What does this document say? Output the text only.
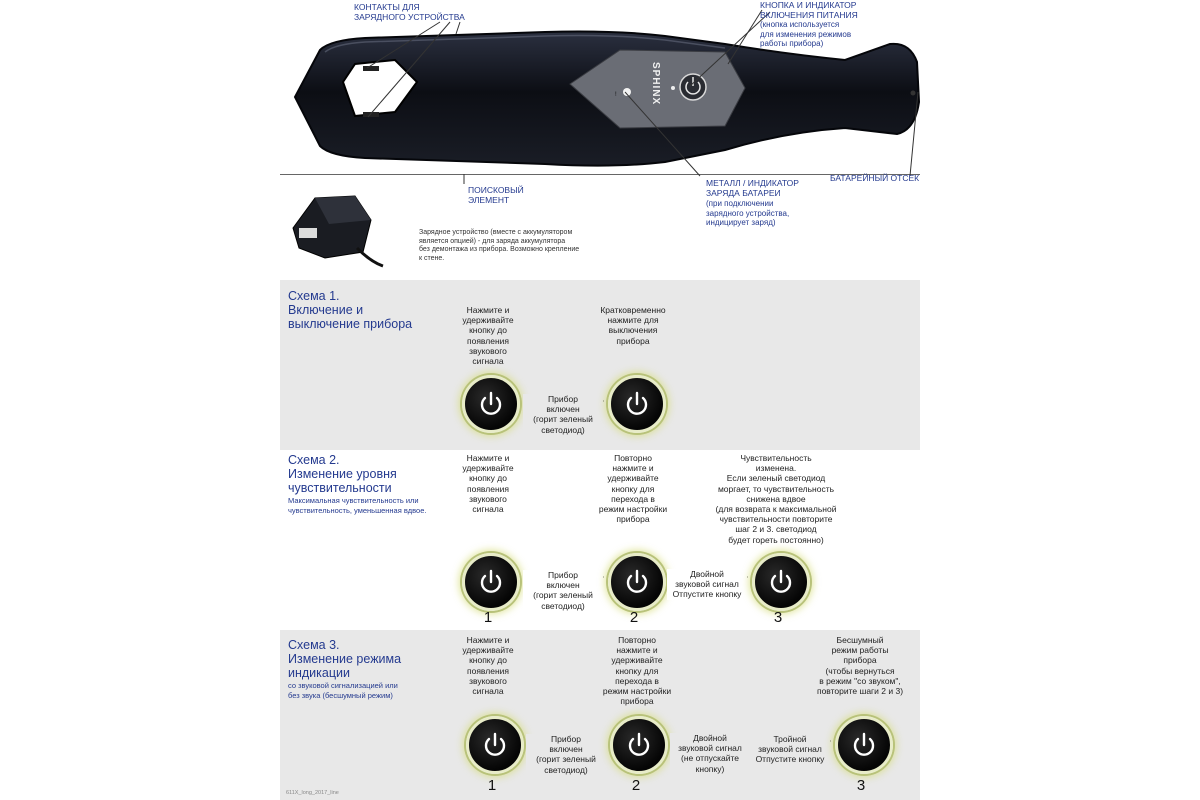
!	SPHINX
КОНТАКТЫ ДЛЯ
ЗАРЯДНОГО УСТРОЙСТВА
КНОПКА И ИНДИКАТОР
ВКЛЮЧЕНИЯ ПИТАНИЯ
(кнопка используется
для изменения режимов
работы прибора)
ПОИСКОВЫЙ
ЭЛЕМЕНТ
МЕТАЛЛ / ИНДИКАТОР
ЗАРЯДА БАТАРЕИ
(при подключении
зарядного устройства,
индицирует заряд)
БАТАРЕЙНЫЙ ОТСЕК
Зарядное устройство (вместе с аккумулятором
является опцией) - для заряда аккумулятора
без демонтажа из прибора. Возможно крепление
к стене.
Схема 1.
Включение и
выключение прибора
Нажмите и
удерживайте
кнопку до
появления
звукового
сигнала
Кратковременно
нажмите для
выключения
прибора
Прибор
включен
(горит зеленый
светодиод)
Схема 2.
Изменение уровня
чувствительности
Максимальная чувствительность или
чувствительность, уменьшенная вдвое.
Нажмите и
удерживайте
кнопку до
появления
звукового
сигнала
Повторно
нажмите и
удерживайте
кнопку для
перехода в
режим настройки
прибора
Чувствительность
изменена.
Если зеленый светодиод
моргает, то чувствительность
снижена вдвое
(для возврата к максимальной
чувствительности повторите
шаг 2 и 3. светодиод
будет гореть постоянно)
Прибор
включен
(горит зеленый
светодиод)
Двойной
звуковой сигнал
Отпустите кнопку
1	2	3
Схема 3.
Изменение режима
индикации
со звуковой сигнализацией или
без звука (бесшумный режим)
Нажмите и
удерживайте
кнопку до
появления
звукового
сигнала
Повторно
нажмите и
удерживайте
кнопку для
перехода в
режим настройки
прибора
Бесшумный
режим работы
прибора
(чтобы вернуться
в режим "со звуком",
повторите шаги 2 и 3)
Прибор
включен
(горит зеленый
светодиод)
Двойной
звуковой сигнал
(не отпускайте
кнопку)
Тройной
звуковой сигнал
Отпустите кнопку
1	2	3
611X_long_2017_line
